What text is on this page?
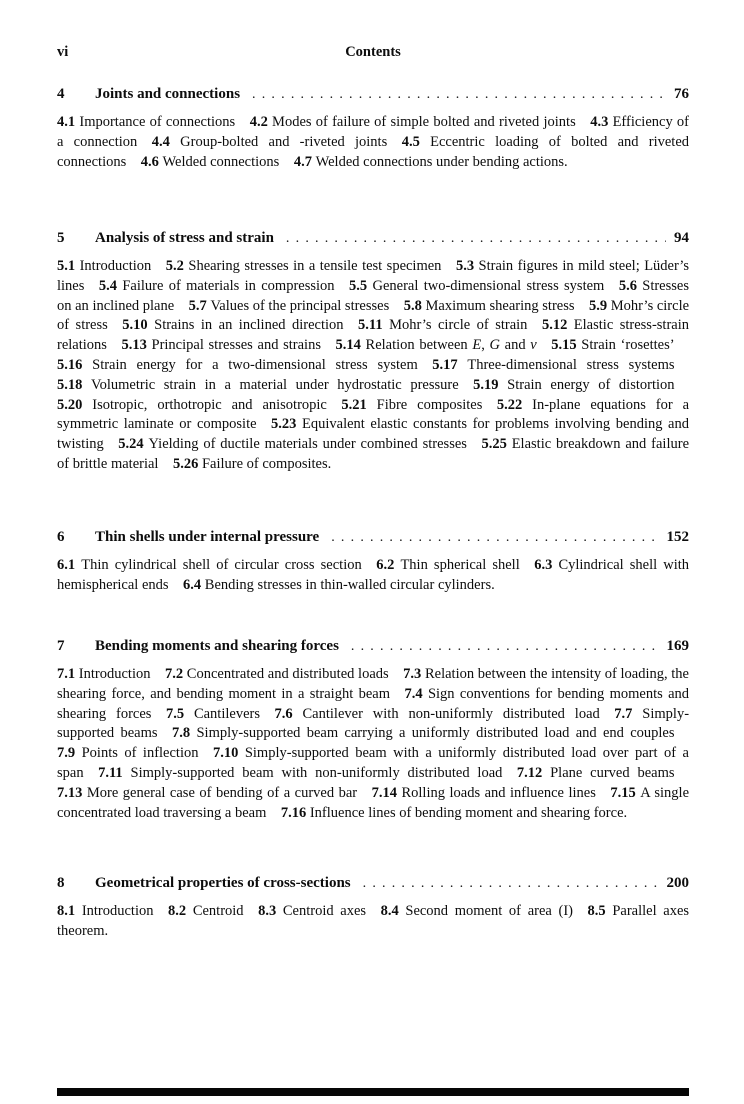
vi	Contents
4	Joints and connections .....	76

4.1 Importance of connections   4.2 Modes of failure of simple bolted and riveted joints   4.3 Efficiency of a connection   4.4 Group-bolted and -riveted joints   4.5 Eccentric loading of bolted and riveted connections   4.6 Welded connections   4.7 Welded connections under bending actions.

5	Analysis of stress and strain .....	94

5.1 Introduction   5.2 Shearing stresses in a tensile test specimen   5.3 Strain figures in mild steel; Lüder’s lines   5.4 Failure of materials in compression   5.5 General two-dimensional stress system   5.6 Stresses on an inclined plane   5.7 Values of the principal stresses   5.8 Maximum shearing stress   5.9 Mohr’s circle of stress   5.10 Strains in an inclined direction   5.11 Mohr’s circle of strain   5.12 Elastic stress-strain relations   5.13 Principal stresses and strains   5.14 Relation between E, G and v   5.15 Strain ‘rosettes’  5.16 Strain energy for a two-dimensional stress system   5.17 Three-dimensional stress systems  5.18 Volumetric strain in a material under hydrostatic pressure   5.19 Strain energy of distortion  5.20 Isotropic, orthotropic and anisotropic   5.21 Fibre composites   5.22 In-plane equations for a symmetric laminate or composite   5.23 Equivalent elastic constants for problems involving bending and twisting   5.24 Yielding of ductile materials under combined stresses   5.25 Elastic breakdown and failure of brittle material   5.26 Failure of composites.

6	Thin shells under internal pressure .....	152

6.1 Thin cylindrical shell of circular cross section   6.2 Thin spherical shell   6.3 Cylindrical shell with hemispherical ends   6.4 Bending stresses in thin-walled circular cylinders.

7	Bending moments and shearing forces .....	169

7.1 Introduction   7.2 Concentrated and distributed loads   7.3 Relation between the intensity of loading, the shearing force, and bending moment in a straight beam   7.4 Sign conventions for bending moments and shearing forces   7.5 Cantilevers   7.6 Cantilever with non-uniformly distributed load   7.7 Simply-supported beams   7.8 Simply-supported beam carrying a uniformly distributed load and end couples  7.9 Points of inflection   7.10 Simply-supported beam with a uniformly distributed load over part of a span   7.11 Simply-supported beam with non-uniformly distributed load   7.12 Plane curved beams  7.13 More general case of bending of a curved bar   7.14 Rolling loads and influence lines   7.15 A single concentrated load traversing a beam   7.16 Influence lines of bending moment and shearing force.

8	Geometrical properties of cross-sections .....	200

8.1 Introduction   8.2 Centroid   8.3 Centroid axes   8.4 Second moment of area (I)   8.5 Parallel axes theorem.
